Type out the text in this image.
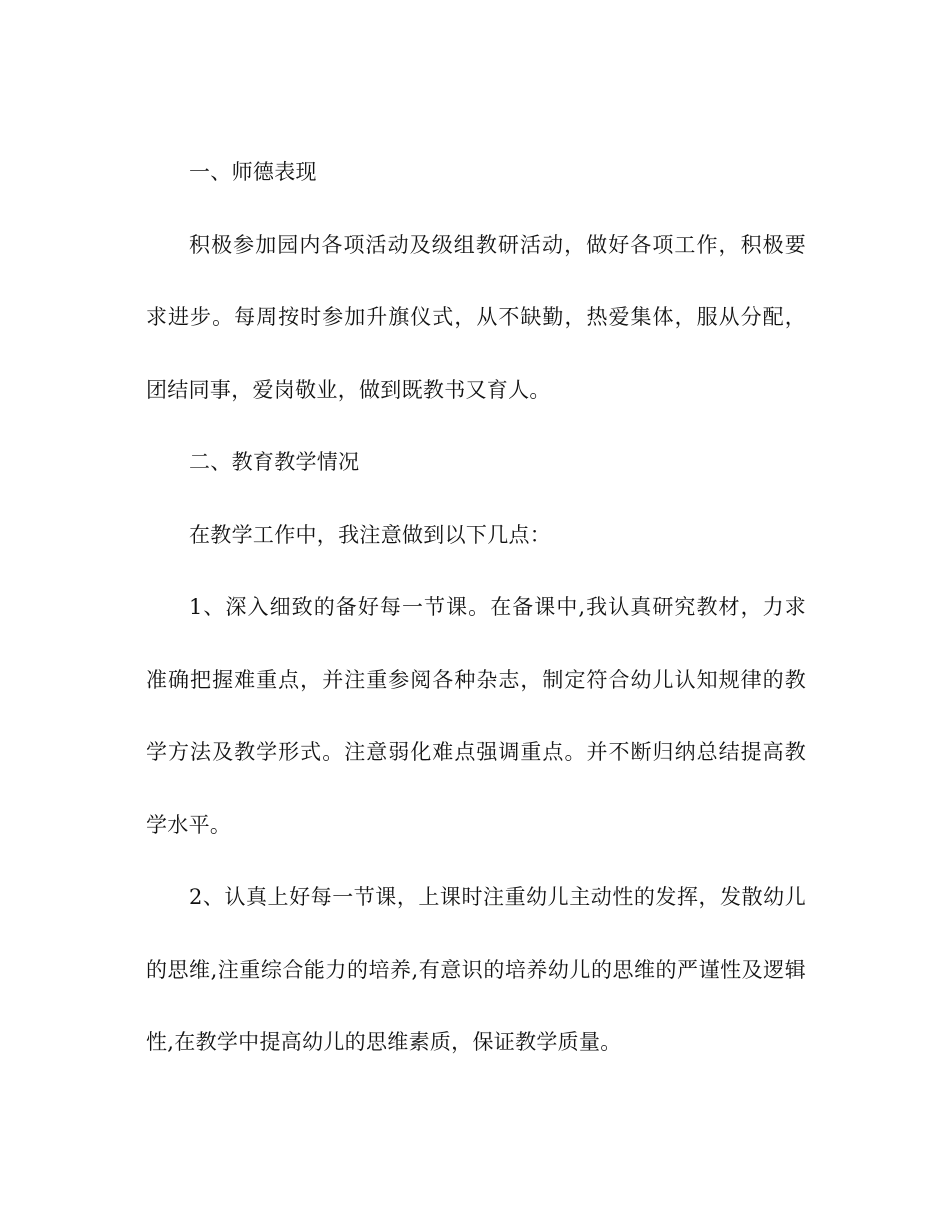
一、师德表现

积极参加园内各项活动及级组教研活动，做好各项工作，积极要求进步。每周按时参加升旗仪式，从不缺勤，热爱集体，服从分配，团结同事，爱岗敬业，做到既教书又育人。

二、教育教学情况

在教学工作中，我注意做到以下几点：

1、深入细致的备好每一节课。在备课中,我认真研究教材，力求准确把握难重点，并注重参阅各种杂志，制定符合幼儿认知规律的教学方法及教学形式。注意弱化难点强调重点。并不断归纳总结提高教学水平。

2、认真上好每一节课，上课时注重幼儿主动性的发挥，发散幼儿的思维,注重综合能力的培养,有意识的培养幼儿的思维的严谨性及逻辑性,在教学中提高幼儿的思维素质，保证教学质量。
